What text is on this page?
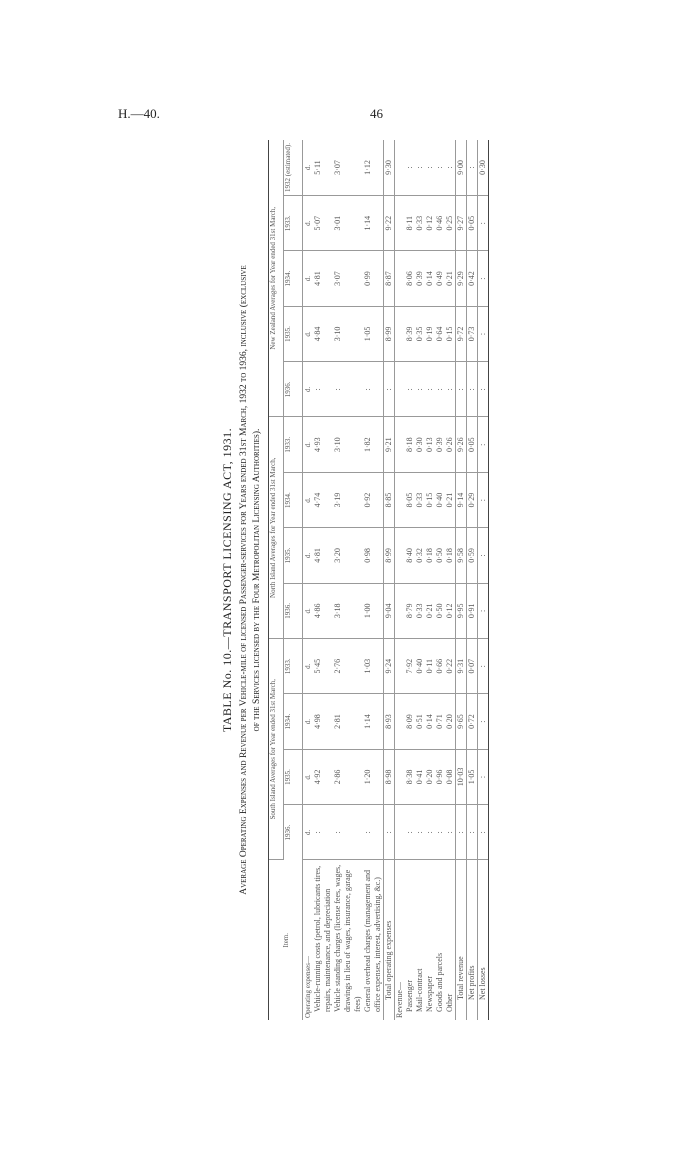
H.—40.	46
TABLE No. 10.—TRANSPORT LICENSING ACT, 1931. Average Operating Expenses and Revenue per Vehicle-mile of licensed Passenger-services for Years ended 31st March, 1932 to 1936, inclusive (exclusive of the Services licensed by the Four Metropolitan Licensing Authorities).
Item.	South Island Averages for Year ended 31st March,				North Island Averages for Year ended 31st March,				New Zealand Averages for Year ended 31st March,				
	1936.	1935.	1934.	1933.	1936.	1935.	1934.	1933.	1936.	1935.	1934.	1933.	1932 (estimated).
Operating expenses—	d.	d.	d.	d.	d.	d.	d.	d.	d.	d.	d.	d.	d.
Vehicle-running costs (petrol, lubricants tires, repairs, maintenance, and depreciation	:	4·92	4·98	5·45	4·86	4·81	4·74	4·93	:	4·84	4·81	5·07	5·11
Vehicle standing charges (license fees, wages, drawings in lieu of wages, insurance, garage fees)	:	2·86	2·81	2·76	3·18	3·20	3·19	3·10	:	3·10	3·07	3·01	3·07
General overhead charges (management and office expenses, interest, advertising, &c.)	:	1·20	1·14	1·03	1·00	0·98	0·92	1·82	:	1·05	0·99	1·14	1·12
Total operating expenses	:	8·98	8·93	9·24	9·04	8·99	8·85	9·21	:	8·99	8·87	9·22	9·30
Revenue—													
Passenger	:	8·38	8·09	7·92	8·79	8·40	8·05	8·18	:	8·39	8·06	8·11	:
Mail-contract	:	0·41	0·51	0·40	0·33	0·32	0·33	0·30	:	0·35	0·39	0·33	:
Newspaper	:	0·20	0·14	0·11	0·21	0·18	0·15	0·13	:	0·19	0·14	0·12	:
Goods and parcels	:	0·96	0·71	0·66	0·50	0·50	0·40	0·39	:	0·64	0·49	0·46	:
Other	:	0·08	0·20	0·22	0·12	0·18	0·21	0·26	:	0·15	0·21	0·25	:
Total revenue	:	10·03	9·65	9·31	9·95	9·58	9·14	9·26	:	9·72	9·29	9·27	9·00
Net profits	:	1·05	0·72	0·07	0·91	0·59	0·29	0·05	:	0·73	0·42	0·05	:
Net losses	:	:	:	:	:	:	:	:	:	:	:	:	0·30
